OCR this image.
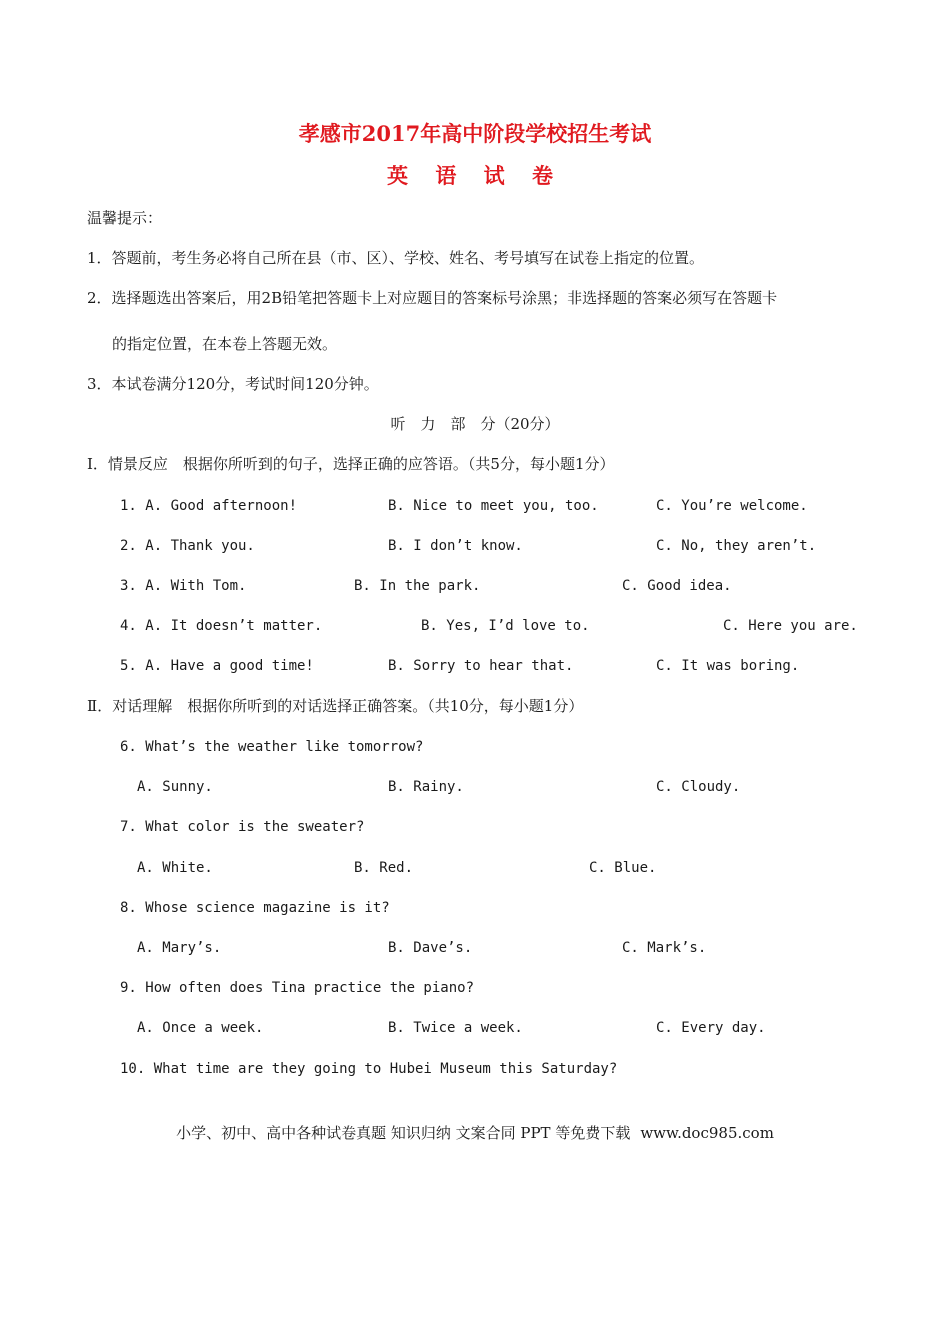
孝感市2017年高中阶段学校招生考试
英 语 试 卷
温馨提示：
1．答题前，考生务必将自己所在县（市、区）、学校、姓名、考号填写在试卷上指定的位置。
2．选择题选出答案后，用2B铅笔把答题卡上对应题目的答案标号涂黑；非选择题的答案必须写在答题卡
的指定位置，在本卷上答题无效。
3．本试卷满分120分，考试时间120分钟。
听　力　部　分（20分）
Ⅰ．情景反应　根据你所听到的句子，选择正确的应答语。（共5分，每小题1分）
1. A. Good afternoon!	B. Nice to meet you, too.	C. You’re welcome.
2. A. Thank you.	B. I don’t know.	C. No, they aren’t.
3. A. With Tom.	B. In the park.	C. Good idea.
4. A. It doesn’t matter.	B. Yes, I’d love to.	C. Here you are.
5. A. Have a good time!	B. Sorry to hear that.	C. It was boring.
Ⅱ．对话理解　根据你所听到的对话选择正确答案。（共10分，每小题1分）
6. What’s the weather like tomorrow?
A. Sunny.	B. Rainy.	C. Cloudy.
7. What color is the sweater?
A. White.	B. Red.	C. Blue.
8. Whose science magazine is it?
A. Mary’s.	B. Dave’s.	C. Mark’s.
9. How often does Tina practice the piano?
A. Once a week.	B. Twice a week.	C. Every day.
10. What time are they going to Hubei Museum this Saturday?
小学、初中、高中各种试卷真题 知识归纳 文案合同 PPT 等免费下载 www.doc985.com
